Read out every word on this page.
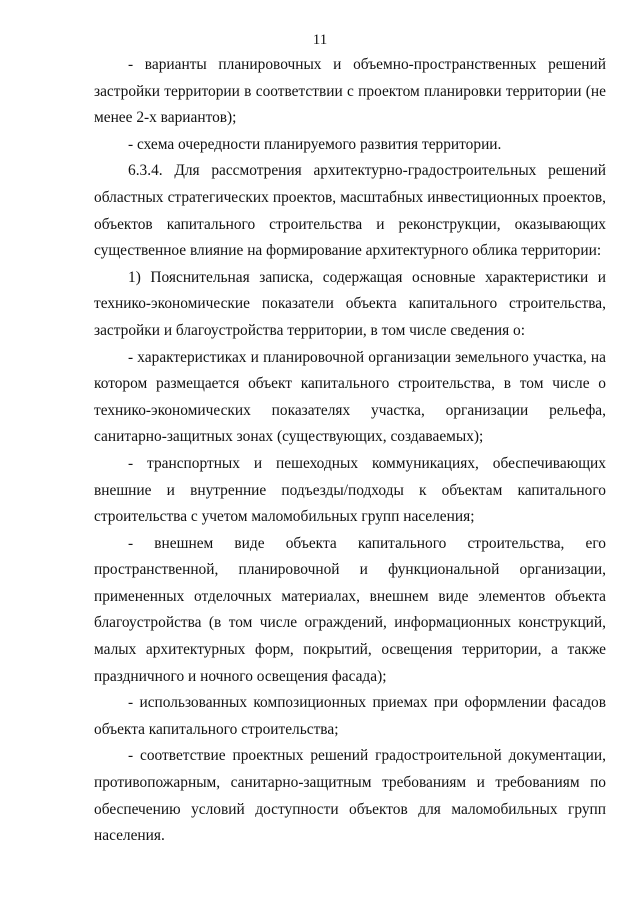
11

- варианты планировочных и объемно-пространственных решений застройки территории в соответствии с проектом планировки территории (не менее 2-х вариантов);

- схема очередности планируемого развития территории.

6.3.4. Для рассмотрения архитектурно-градостроительных решений областных стратегических проектов, масштабных инвестиционных проектов, объектов капитального строительства и реконструкции, оказывающих существенное влияние на формирование архитектурного облика территории:

1) Пояснительная записка, содержащая основные характеристики и технико-экономические показатели объекта капитального строительства, застройки и благоустройства территории, в том числе сведения о:

- характеристиках и планировочной организации земельного участка, на котором размещается объект капитального строительства, в том числе о технико-экономических показателях участка, организации рельефа, санитарно-защитных зонах (существующих, создаваемых);

- транспортных и пешеходных коммуникациях, обеспечивающих внешние и внутренние подъезды/подходы к объектам капитального строительства с учетом маломобильных групп населения;

- внешнем виде объекта капитального строительства, его пространственной, планировочной и функциональной организации, примененных отделочных материалах, внешнем виде элементов объекта благоустройства (в том числе ограждений, информационных конструкций, малых архитектурных форм, покрытий, освещения территории, а также праздничного и ночного освещения фасада);

- использованных композиционных приемах при оформлении фасадов объекта капитального строительства;

- соответствие проектных решений градостроительной документации, противопожарным, санитарно-защитным требованиям и требованиям по обеспечению условий доступности объектов для маломобильных групп населения.
